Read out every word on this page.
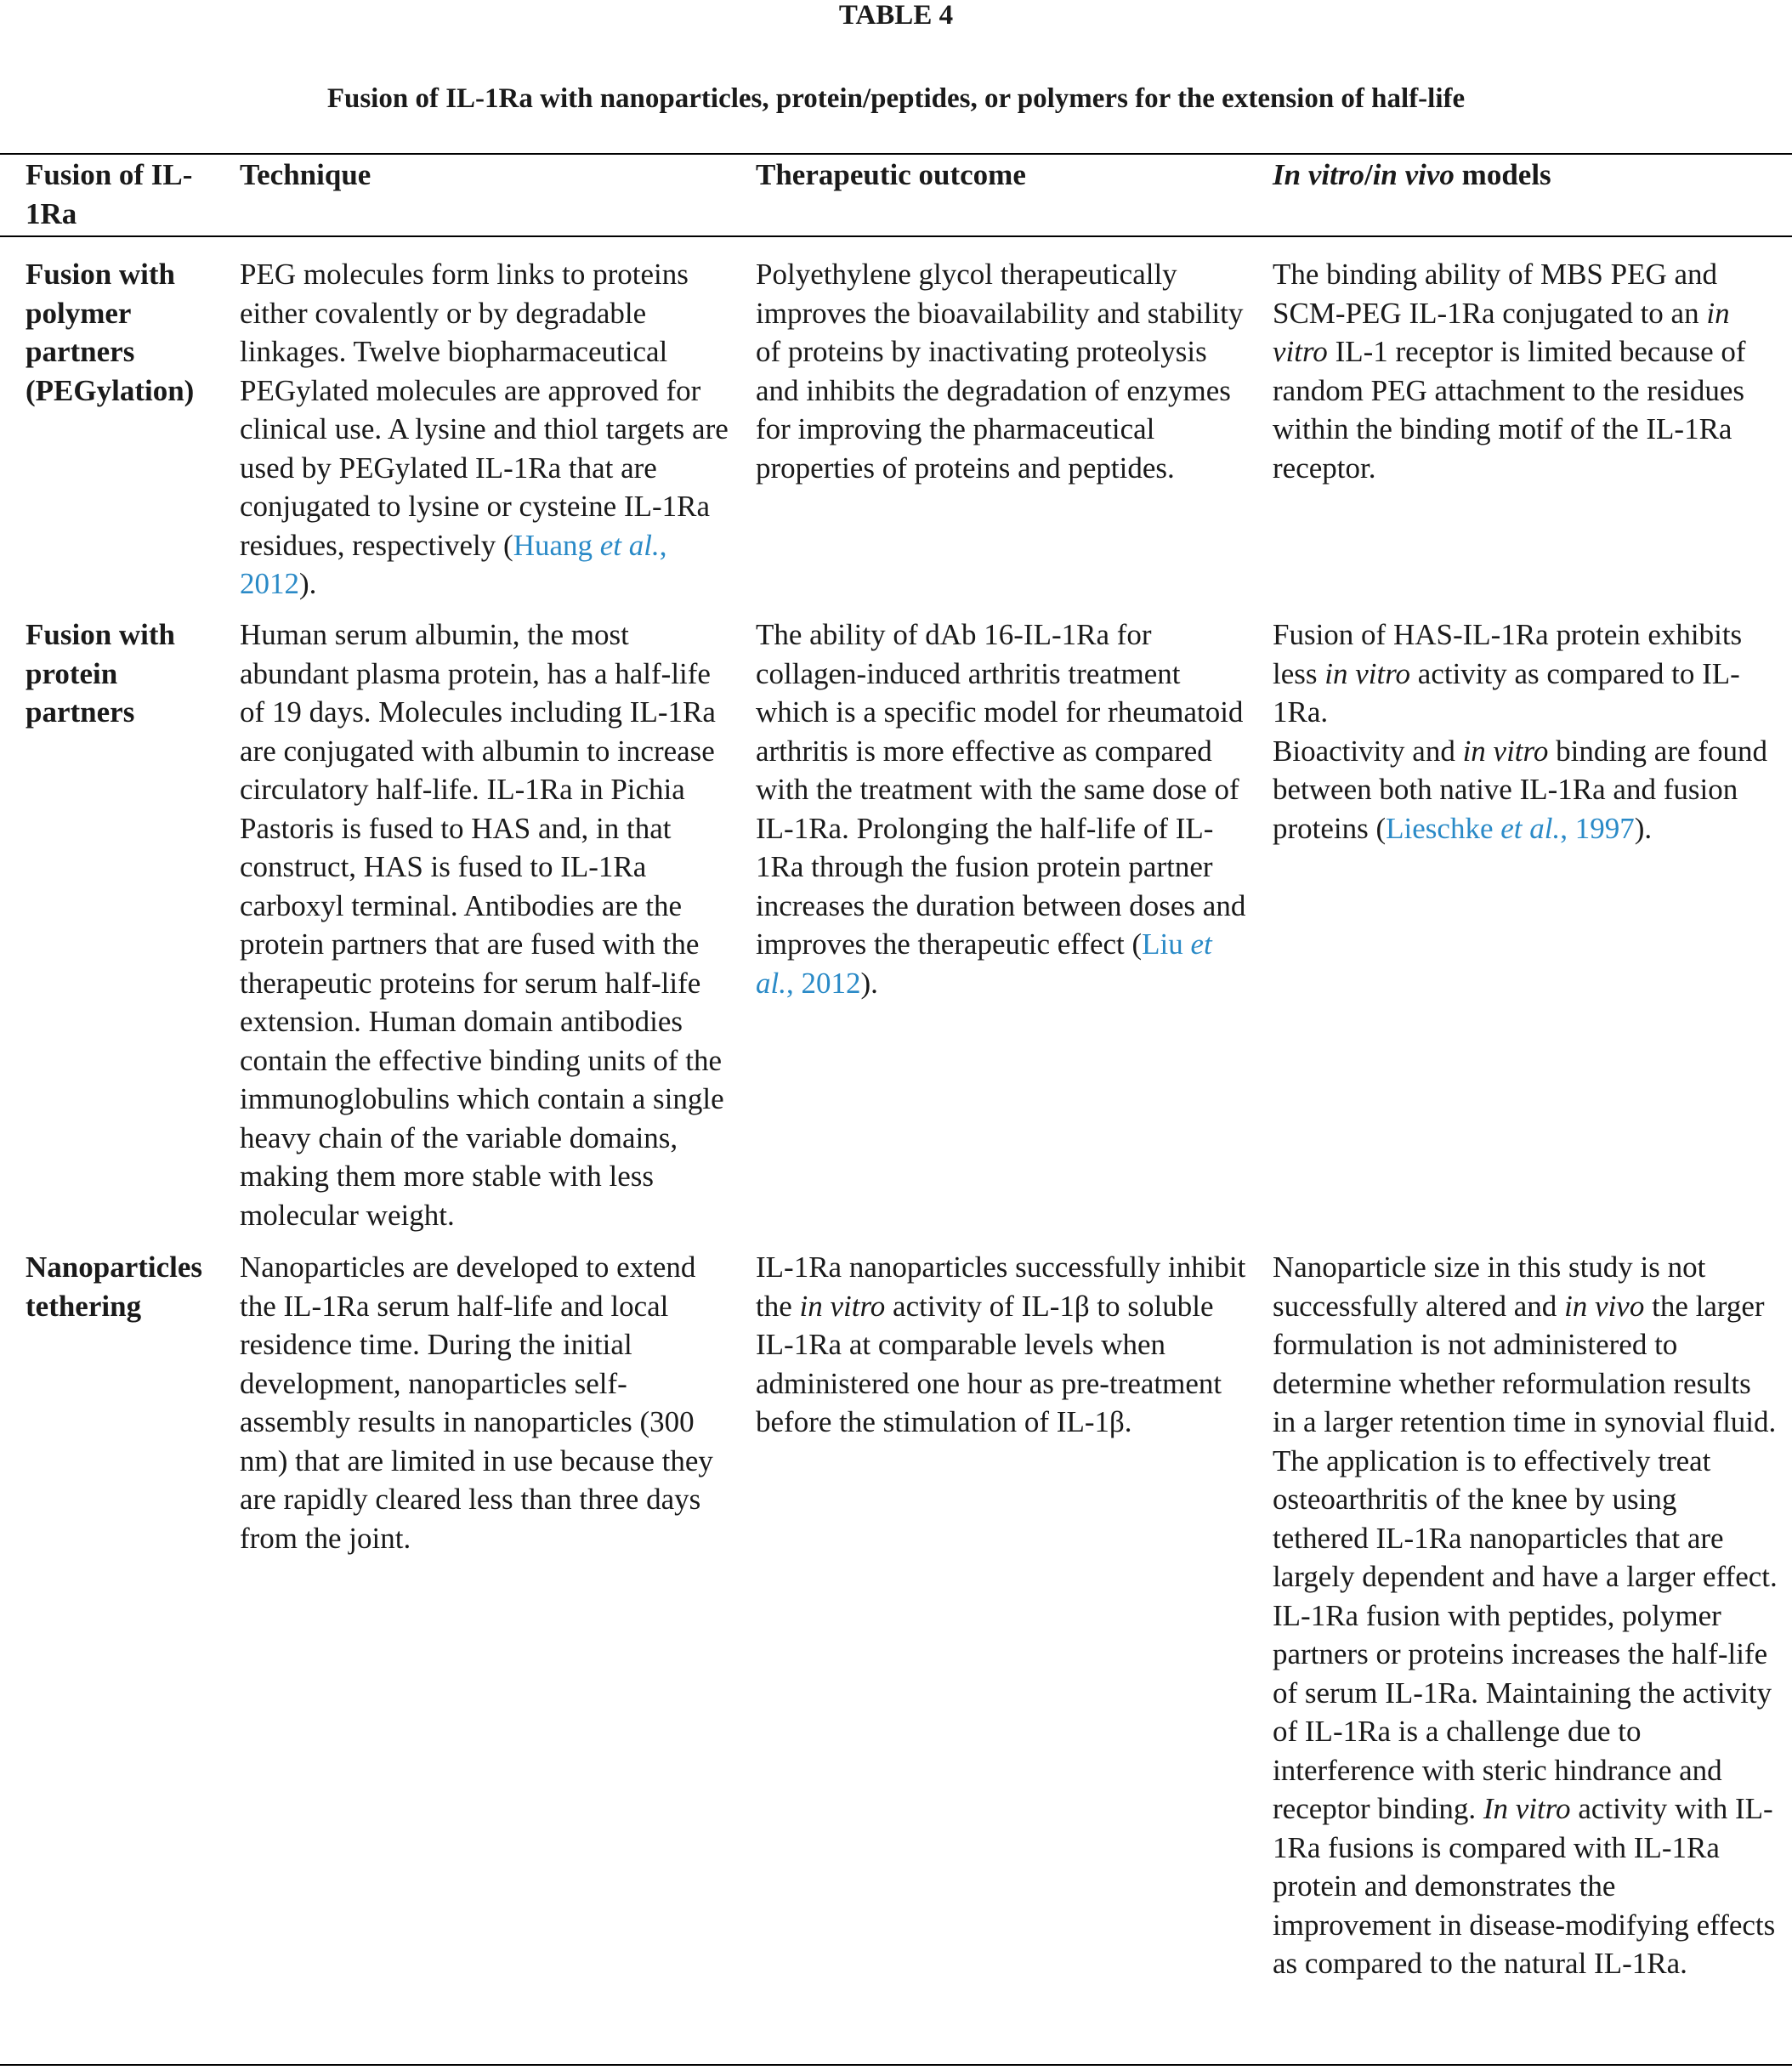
TABLE 4
Fusion of IL-1Ra with nanoparticles, protein/peptides, or polymers for the extension of half-life
Fusion of IL-1Ra
Technique	Therapeutic outcome	In vitro/in vivo models
Fusion with polymer partners (PEGylation)
PEG molecules form links to proteins either covalently or by degradable linkages. Twelve biopharmaceutical PEGylated molecules are approved for clinical use. A lysine and thiol targets are used by PEGylated IL-1Ra that are conjugated to lysine or cysteine IL-1Ra residues, respectively (Huang et al., 2012).
Polyethylene glycol therapeutically improves the bioavailability and stability of proteins by inactivating proteolysis and inhibits the degradation of enzymes for improving the pharmaceutical properties of proteins and peptides.
The binding ability of MBS PEG and SCM-PEG IL-1Ra conjugated to an in vitro IL-1 receptor is limited because of random PEG attachment to the residues within the binding motif of the IL-1Ra receptor.
Fusion with protein partners
Human serum albumin, the most abundant plasma protein, has a half-life of 19 days. Molecules including IL-1Ra are conjugated with albumin to increase circulatory half-life. IL-1Ra in Pichia Pastoris is fused to HAS and, in that construct, HAS is fused to IL-1Ra carboxyl terminal. Antibodies are the protein partners that are fused with the therapeutic proteins for serum half-life extension. Human domain antibodies contain the effective binding units of the immunoglobulins which contain a single heavy chain of the variable domains, making them more stable with less molecular weight.
The ability of dAb 16-IL-1Ra for collagen-induced arthritis treatment which is a specific model for rheumatoid arthritis is more effective as compared with the treatment with the same dose of IL-1Ra. Prolonging the half-life of IL-1Ra through the fusion protein partner increases the duration between doses and improves the therapeutic effect (Liu et al., 2012).
Fusion of HAS-IL-1Ra protein exhibits less in vitro activity as compared to IL-1Ra.
Bioactivity and in vitro binding are found between both native IL-1Ra and fusion proteins (Lieschke et al., 1997).
Nanoparticles tethering
Nanoparticles are developed to extend the IL-1Ra serum half-life and local residence time. During the initial development, nanoparticles self-assembly results in nanoparticles (300 nm) that are limited in use because they are rapidly cleared less than three days from the joint.
IL-1Ra nanoparticles successfully inhibit the in vitro activity of IL-1β to soluble IL-1Ra at comparable levels when administered one hour as pre-treatment before the stimulation of IL-1β.
Nanoparticle size in this study is not successfully altered and in vivo the larger formulation is not administered to determine whether reformulation results in a larger retention time in synovial fluid. The application is to effectively treat osteoarthritis of the knee by using tethered IL-1Ra nanoparticles that are largely dependent and have a larger effect. IL-1Ra fusion with peptides, polymer partners or proteins increases the half-life of serum IL-1Ra. Maintaining the activity of IL-1Ra is a challenge due to interference with steric hindrance and receptor binding. In vitro activity with IL-1Ra fusions is compared with IL-1Ra protein and demonstrates the improvement in disease-modifying effects as compared to the natural IL-1Ra.
